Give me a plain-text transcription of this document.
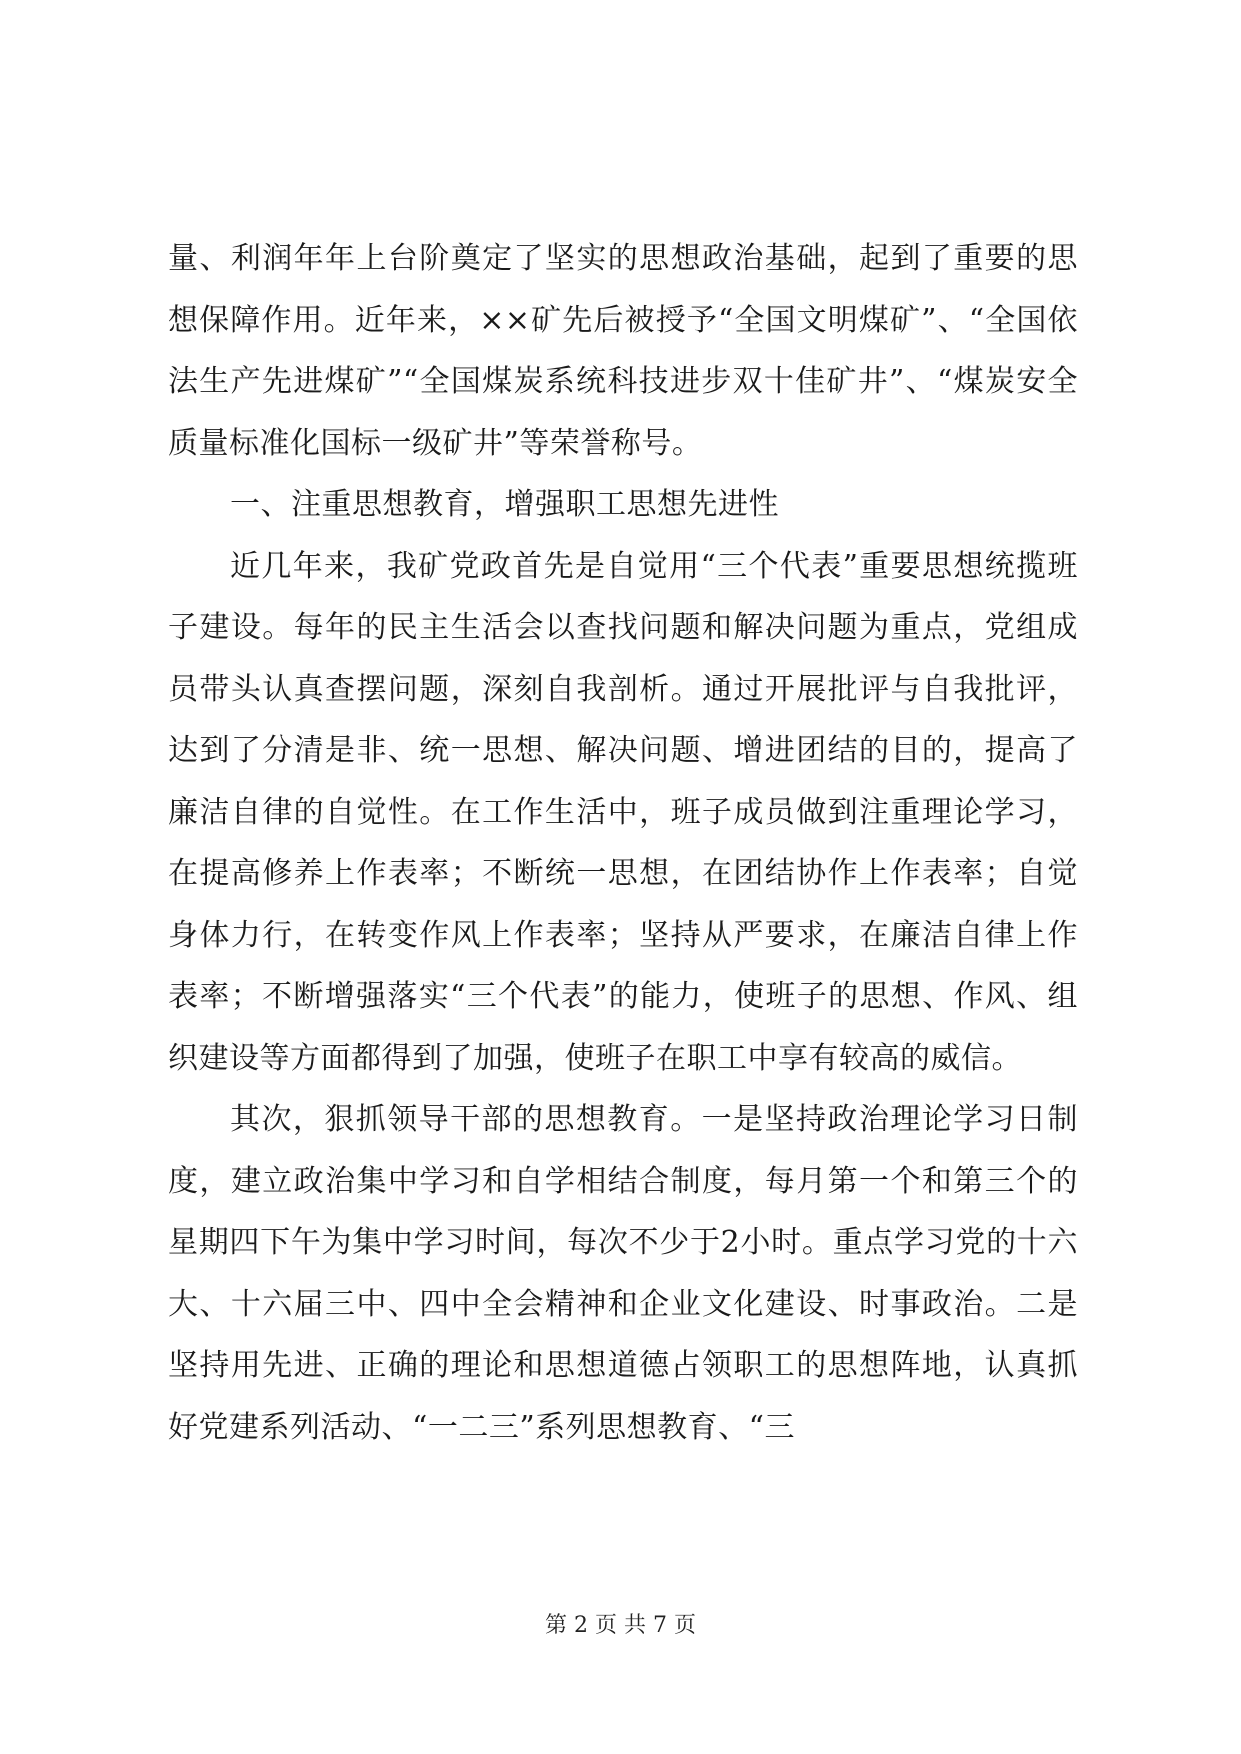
量、利润年年上台阶奠定了坚实的思想政治基础，起到了重要的思想保障作用。近年来，××矿先后被授予“全国文明煤矿”、“全国依法生产先进煤矿”“全国煤炭系统科技进步双十佳矿井”、“煤炭安全质量标准化国标一级矿井”等荣誉称号。

一、注重思想教育，增强职工思想先进性

近几年来，我矿党政首先是自觉用“三个代表”重要思想统揽班子建设。每年的民主生活会以查找问题和解决问题为重点，党组成员带头认真查摆问题，深刻自我剖析。通过开展批评与自我批评，达到了分清是非、统一思想、解决问题、增进团结的目的，提高了廉洁自律的自觉性。在工作生活中，班子成员做到注重理论学习，在提高修养上作表率；不断统一思想，在团结协作上作表率；自觉身体力行，在转变作风上作表率；坚持从严要求，在廉洁自律上作表率；不断增强落实“三个代表”的能力，使班子的思想、作风、组织建设等方面都得到了加强，使班子在职工中享有较高的威信。

其次，狠抓领导干部的思想教育。一是坚持政治理论学习日制度，建立政治集中学习和自学相结合制度，每月第一个和第三个的星期四下午为集中学习时间，每次不少于2小时。重点学习党的十六大、十六届三中、四中全会精神和企业文化建设、时事政治。二是坚持用先进、正确的理论和思想道德占领职工的思想阵地，认真抓好党建系列活动、“一二三”系列思想教育、“三

第 2 页 共 7 页
